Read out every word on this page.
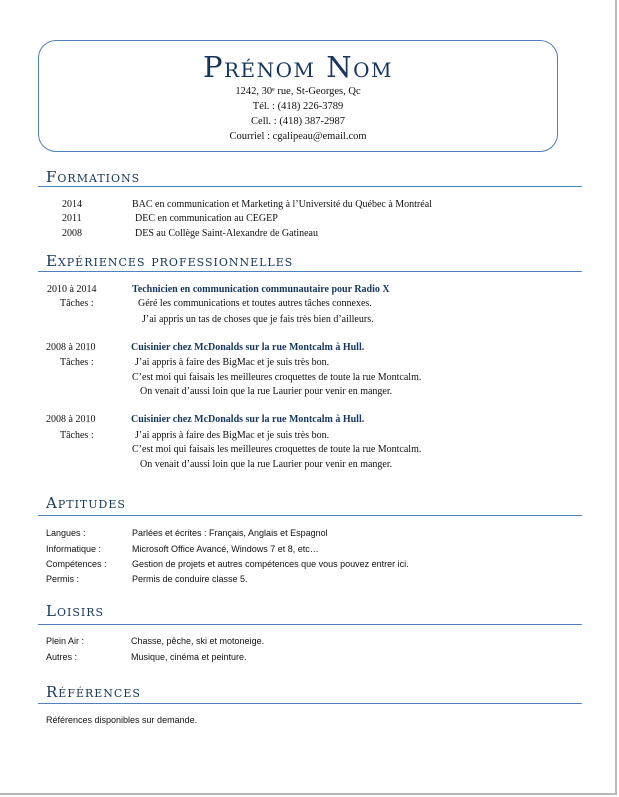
Prénom Nom
1242, 30ᵉ rue, St-Georges, Qc
Tél. : (418) 226-3789
Cell. : (418) 387-2987
Courriel : cgalipeau@email.com
Formations
2014	BAC en communication et Marketing à l’Université du Québec à Montréal
2011	DEC en communication au CEGEP
2008	DES au Collège Saint-Alexandre de Gatineau
Expériences professionnelles
2010 à 2014	Technicien en communication communautaire pour Radio X
Tâches :	Géré les communications et toutes autres tâches connexes.
J’ai appris un tas de choses que je fais très bien d’ailleurs.
2008 à 2010	Cuisinier chez McDonalds sur la rue Montcalm à Hull.
Tâches :	J’ai appris à faire des BigMac et je suis très bon.
C’est moi qui faisais les meilleures croquettes de toute la rue Montcalm.
On venait d’aussi loin que la rue Laurier pour venir en manger.
2008 à 2010	Cuisinier chez McDonalds sur la rue Montcalm à Hull.
Tâches :	J’ai appris à faire des BigMac et je suis très bon.
C’est moi qui faisais les meilleures croquettes de toute la rue Montcalm.
On venait d’aussi loin que la rue Laurier pour venir en manger.
Aptitudes
Langues :	Parlées et écrites : Français, Anglais et Espagnol
Informatique :	Microsoft Office Avancé, Windows 7 et 8, etc…
Compétences :	Gestion de projets et autres compétences que vous pouvez entrer ici.
Permis :	Permis de conduire classe 5.
Loisirs
Plein Air :	Chasse, pêche, ski et motoneige.
Autres :	Musique, cinéma et peinture.
Références
Références disponibles sur demande.
